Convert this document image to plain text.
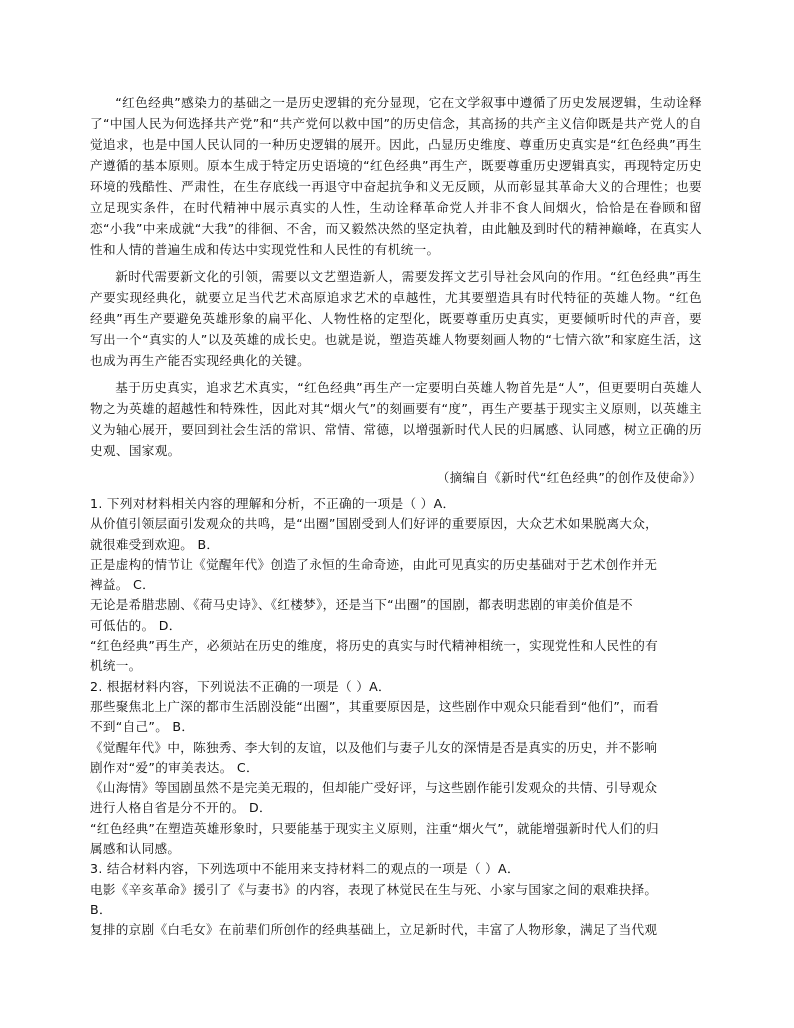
“红色经典”感染力的基础之一是历史逻辑的充分显现，它在文学叙事中遵循了历史发展逻辑，生动诠释了“中国人民为何选择共产党”和“共产党何以救中国”的历史信念，其高扬的共产主义信仰既是共产党人的自觉追求，也是中国人民认同的一种历史逻辑的展开。因此，凸显历史维度、尊重历史真实是“红色经典”再生产遵循的基本原则。原本生成于特定历史语境的“红色经典”再生产，既要尊重历史逻辑真实，再现特定历史环境的残酷性、严肃性，在生存底线一再退守中奋起抗争和义无反顾，从而彰显其革命大义的合理性；也要立足现实条件，在时代精神中展示真实的人性，生动诠释革命党人并非不食人间烟火，恰恰是在眷顾和留恋“小我”中来成就“大我”的徘徊、不舍，而又毅然决然的坚定执着，由此触及到时代的精神巅峰，在真实人性和人情的普遍生成和传达中实现党性和人民性的有机统一。

新时代需要新文化的引领，需要以文艺塑造新人，需要发挥文艺引导社会风向的作用。“红色经典”再生产要实现经典化，就要立足当代艺术高原追求艺术的卓越性，尤其要塑造具有时代特征的英雄人物。“红色经典”再生产要避免英雄形象的扁平化、人物性格的定型化，既要尊重历史真实，更要倾听时代的声音，要写出一个“真实的人”以及英雄的成长史。也就是说，塑造英雄人物要刻画人物的“七情六欲”和家庭生活，这也成为再生产能否实现经典化的关键。

基于历史真实，追求艺术真实，“红色经典”再生产一定要明白英雄人物首先是“人”，但更要明白英雄人物之为英雄的超越性和特殊性，因此对其“烟火气”的刻画要有“度”，再生产要基于现实主义原则，以英雄主义为轴心展开，要回到社会生活的常识、常情、常德，以增强新时代人民的归属感、认同感，树立正确的历史观、国家观。

（摘编自《新时代“红色经典”的创作及使命》）

1. 下列对材料相关内容的理解和分析，不正确的一项是（ ）A．

从价值引领层面引发观众的共鸣，是“出圈”国剧受到人们好评的重要原因，大众艺术如果脱离大众，

就很难受到欢迎。 B．

正是虚构的情节让《觉醒年代》创造了永恒的生命奇迹，由此可见真实的历史基础对于艺术创作并无

裨益。 C．

无论是希腊悲剧、《荷马史诗》、《红楼梦》，还是当下“出圈”的国剧，都表明悲剧的审美价值是不

可低估的。 D．

“红色经典”再生产，必须站在历史的维度，将历史的真实与时代精神相统一，实现党性和人民性的有

机统一。

2. 根据材料内容，下列说法不正确的一项是（ ）A．

那些聚焦北上广深的都市生活剧没能“出圈”，其重要原因是，这些剧作中观众只能看到“他们”，而看

不到“自己”。 B．

《觉醒年代》中，陈独秀、李大钊的友谊，以及他们与妻子儿女的深情是否是真实的历史，并不影响

剧作对“爱”的审美表达。 C．

《山海情》等国剧虽然不是完美无瑕的，但却能广受好评，与这些剧作能引发观众的共情、引导观众

进行人格自省是分不开的。 D．

“红色经典”在塑造英雄形象时，只要能基于现实主义原则，注重“烟火气”，就能增强新时代人们的归

属感和认同感。

3. 结合材料内容，下列选项中不能用来支持材料二的观点的一项是（ ）A．

电影《辛亥革命》援引了《与妻书》的内容，表现了林觉民在生与死、小家与国家之间的艰难抉择。

B．

复排的京剧《白毛女》在前辈们所创作的经典基础上，立足新时代，丰富了人物形象，满足了当代观
